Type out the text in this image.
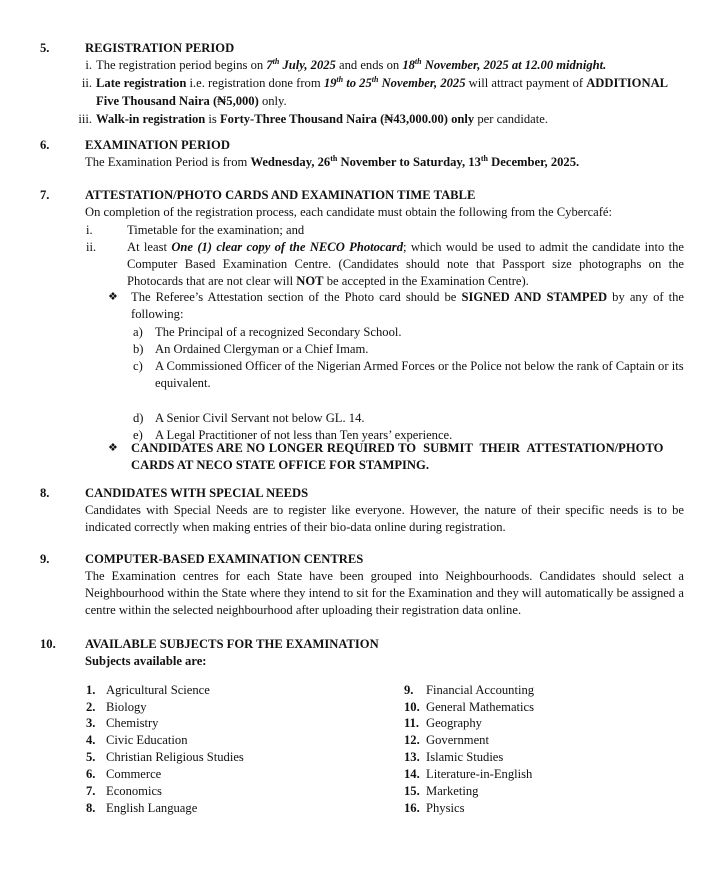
5.	REGISTRATION PERIOD
i. The registration period begins on 7th July, 2025 and ends on 18th November, 2025 at 12.00 midnight.
ii. Late registration i.e. registration done from 19th to 25th November, 2025 will attract payment of ADDITIONAL
Five Thousand Naira (₦5,000) only.
iii. Walk-in registration is Forty-Three Thousand Naira (₦43,000.00) only per candidate.
6.	EXAMINATION PERIOD
The Examination Period is from Wednesday, 26th November to Saturday, 13th December, 2025.
7.	ATTESTATION/PHOTO CARDS AND EXAMINATION TIME TABLE
On completion of the registration process, each candidate must obtain the following from the Cybercafé:
i.	Timetable for the examination; and
ii. At least One (1) clear copy of the NECO Photocard; which would be used to admit the candidate into the Computer Based Examination Centre. (Candidates should note that Passport size photographs on the Photocards that are not clear will NOT be accepted in the Examination Centre).
❖ The Referee’s Attestation section of the Photo card should be SIGNED AND STAMPED by any of the following:
a) The Principal of a recognized Secondary School.
b) An Ordained Clergyman or a Chief Imam.
c) A Commissioned Officer of the Nigerian Armed Forces or the Police not below the rank of Captain or its equivalent.
d) A Senior Civil Servant not below GL. 14.
e) A Legal Practitioner of not less than Ten years’ experience.
❖ CANDIDATES ARE NO LONGER REQUIRED TO  SUBMIT  THEIR  ATTESTATION/PHOTO
CARDS AT NECO STATE OFFICE FOR STAMPING.
8.	CANDIDATES WITH SPECIAL NEEDS
Candidates with Special Needs are to register like everyone. However, the nature of their specific needs is to be indicated correctly when making entries of their bio-data online during registration.
9.	COMPUTER-BASED EXAMINATION CENTRES
The Examination centres for each State have been grouped into Neighbourhoods. Candidates should select a Neighbourhood within the State where they intend to sit for the Examination and they will automatically be assigned a centre within the selected neighbourhood after uploading their registration data online.
10. AVAILABLE SUBJECTS FOR THE EXAMINATION
Subjects available are:
1. Agricultural Science
2. Biology
3. Chemistry
4. Civic Education
5. Christian Religious Studies
6. Commerce
7. Economics
8. English Language
9. Financial Accounting
10. General Mathematics
11. Geography
12. Government
13. Islamic Studies
14. Literature-in-English
15. Marketing
16. Physics
